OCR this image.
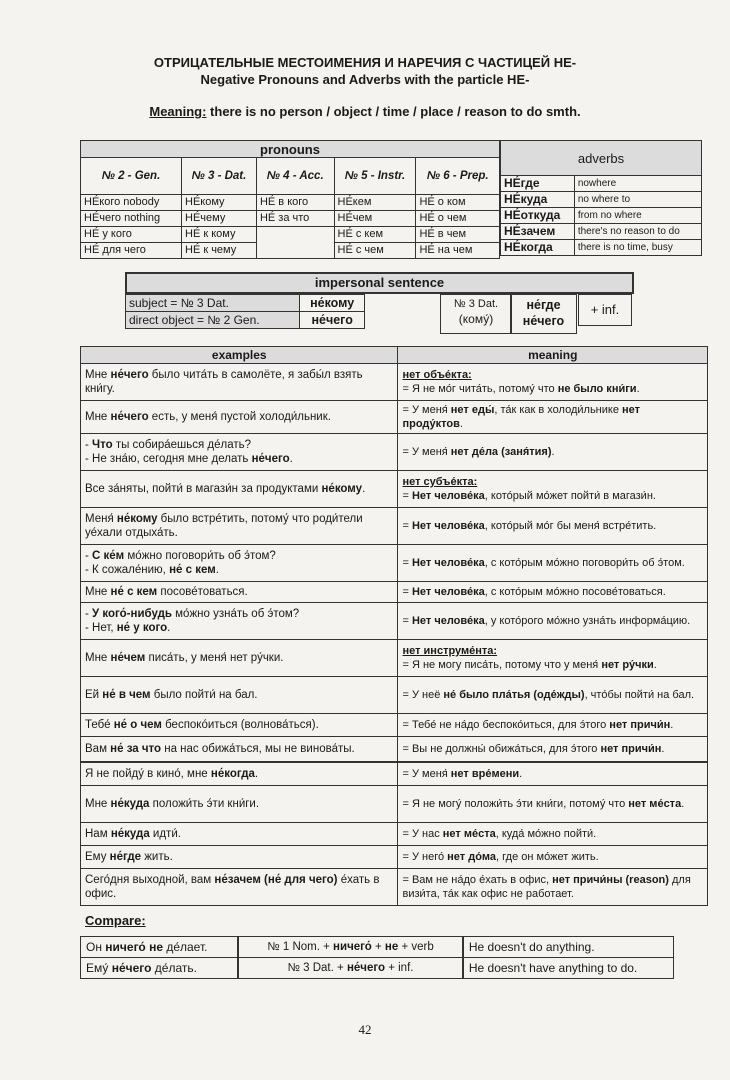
ОТРИЦАТЕЛЬНЫЕ МЕСТОИМЕНИЯ И НАРЕЧИЯ С ЧАСТИЦЕЙ НЕ-
Negative Pronouns and Adverbs with the particle НЕ-
Meaning: there is no person / object / time / place / reason to do smth.
pronouns				
№ 2 - Gen.	№ 3 - Dat.	№ 4 - Acc.	№ 5 - Instr.	№ 6 - Prep.
НЕ́кого nobody	НЕ́кому	НЕ́ в кого	НЕ́кем	НЕ́ о ком
НЕ́чего nothing	НЕ́чему	НЕ́ за что	НЕ́чем	НЕ́ о чем
НЕ́ у кого	НЕ́ к кому		НЕ́ с кем	НЕ́ в чем
НЕ́ для чего	НЕ́ к чему		НЕ́ с чем	НЕ́ на чем
adverbs	
НЕ́где	nowhere
НЕ́куда	no where to
НЕ́откуда	from no where
НЕ́зачем	there's no reason to do
НЕ́когда	there is no time, busy
impersonal sentence
subject = № 3 Dat.	не́кому
direct object = № 2 Gen.	не́чего
№ 3 Dat.
(кому́)
не́где
не́чего
+ inf.
examples	meaning
Мне не́чего было чита́ть в самолёте, я забы́л взять кни́гу.	нет объе́кта:
= Я не мо́г чита́ть, потому́ что не было кни́ги.
Мне не́чего есть, у меня́ пустой холоди́льник.	= У меня́ нет еды́, та́к как в холоди́льнике нет проду́ктов.
- Что ты собира́ешься де́лать?
- Не зна́ю, сегодня мне делать не́чего.	= У меня́ нет де́ла (заня́тия).
Все за́няты, пойти́ в магази́н за продуктами не́кому.	нет субъе́кта:
= Нет челове́ка, кото́рый мо́жет пойти́ в магази́н.
Меня́ не́кому было встре́тить, потому́ что роди́тели уе́хали отдыха́ть.	= Нет челове́ка, кото́рый мо́г бы меня́ встре́тить.
- С ке́м мо́жно поговори́ть об э́том?
- К сожале́нию, не́ с кем.	= Нет челове́ка, с кото́рым мо́жно поговори́ть об э́том.
Мне не́ с кем посове́товаться.	= Нет челове́ка, с кото́рым мо́жно посове́товаться.
- У кого́-нибудь мо́жно узна́ть об э́том?
- Нет, не́ у кого.	= Нет челове́ка, у кото́рого мо́жно узна́ть информа́цию.
Мне не́чем писа́ть, у меня́ нет ру́чки.	нет инструме́нта:
= Я не могу писа́ть, потому что у меня́ нет ру́чки.
Ей не́ в чем было пойти́ на бал.	= У неё не́ было пла́тья (оде́жды), что́бы пойти́ на бал.
Тебе́ не́ о чем беспоко́иться (волнова́ться).	= Тебе́ не на́до беспоко́иться, для э́того нет причи́н.
Вам не́ за что на нас обижа́ться, мы не винова́ты.	= Вы не должны́ обижа́ться, для э́того нет причи́н.
Я не пойду́ в кино́, мне не́когда.	= У меня́ нет вре́мени.
Мне не́куда положи́ть э́ти кни́ги.	= Я не могу́ положи́ть э́ти кни́ги, потому́ что нет ме́ста.
Нам не́куда идти́.	= У нас нет ме́ста, куда́ мо́жно пойти́.
Ему не́где жить.	= У него́ нет до́ма, где он мо́жет жить.
Сего́дня выходной, вам не́зачем (не́ для чего) е́хать в офис.	= Вам не на́до е́хать в офис, нет причи́ны (reason) для визи́та, та́к как офис не работает.
Compare:
Он ничего́ не де́лает.	№ 1 Nom. + ничего́ + не + verb	He doesn't do anything.
Ему́ не́чего де́лать.	№ 3 Dat. + не́чего + inf.	He doesn't have anything to do.
42
